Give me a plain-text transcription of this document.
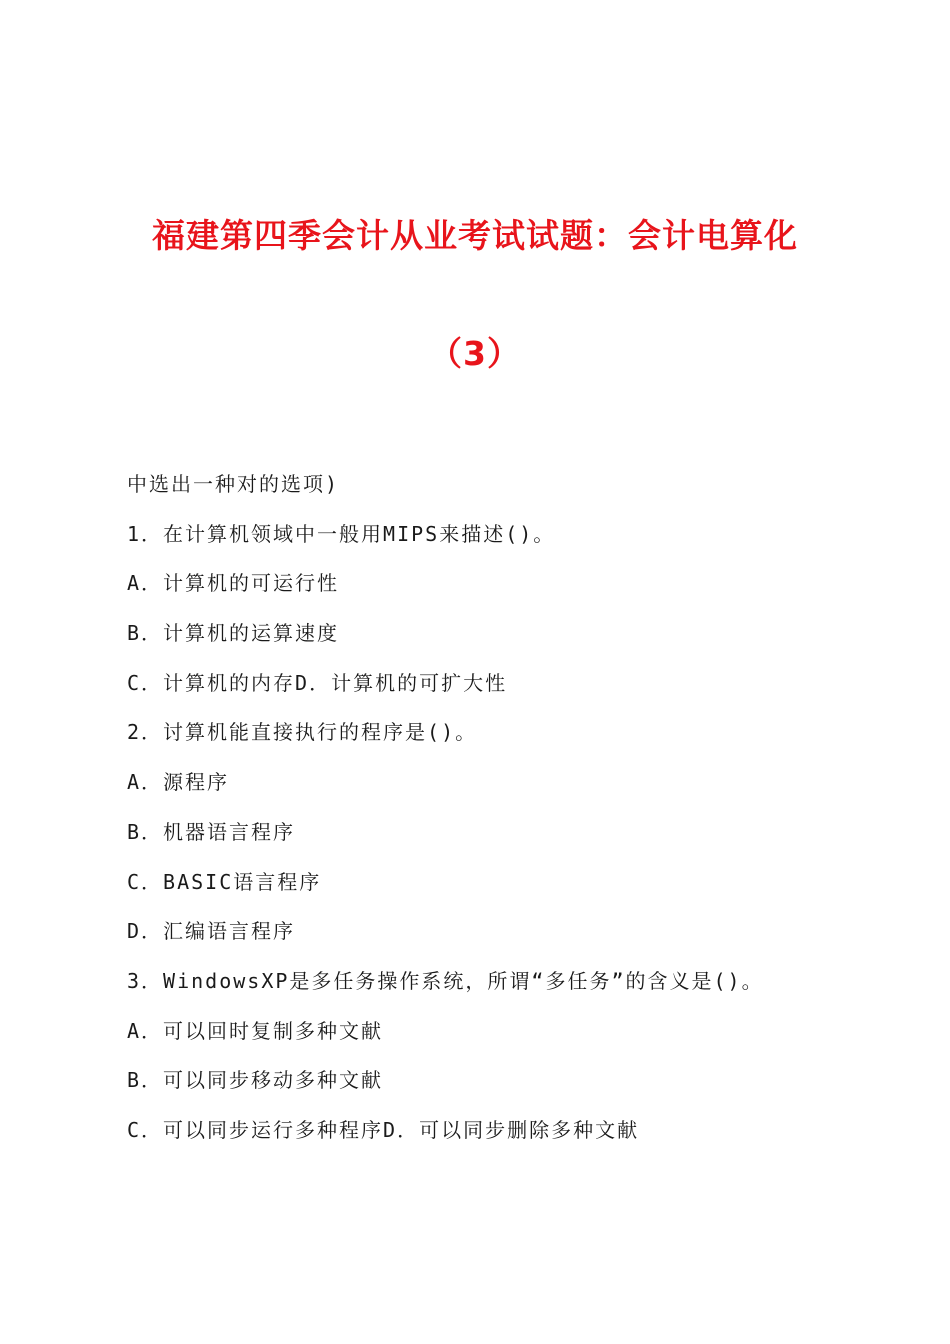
福建第四季会计从业考试试题：会计电算化
（3）
中选出一种对的选项)
1．在计算机领域中一般用MIPS来描述()。
A．计算机的可运行性
B．计算机的运算速度
C．计算机的内存D．计算机的可扩大性
2．讨算机能直接执行的程序是()。
A．源程序
B．机器语言程序
C．BASIC语言程序
D．汇编语言程序
3．WindowsXP是多任务操作系统，所谓“多任务”的含义是()。
A．可以回时复制多种文献
B．可以同步移动多种文献
C．可以同步运行多种程序D．可以同步删除多种文献
